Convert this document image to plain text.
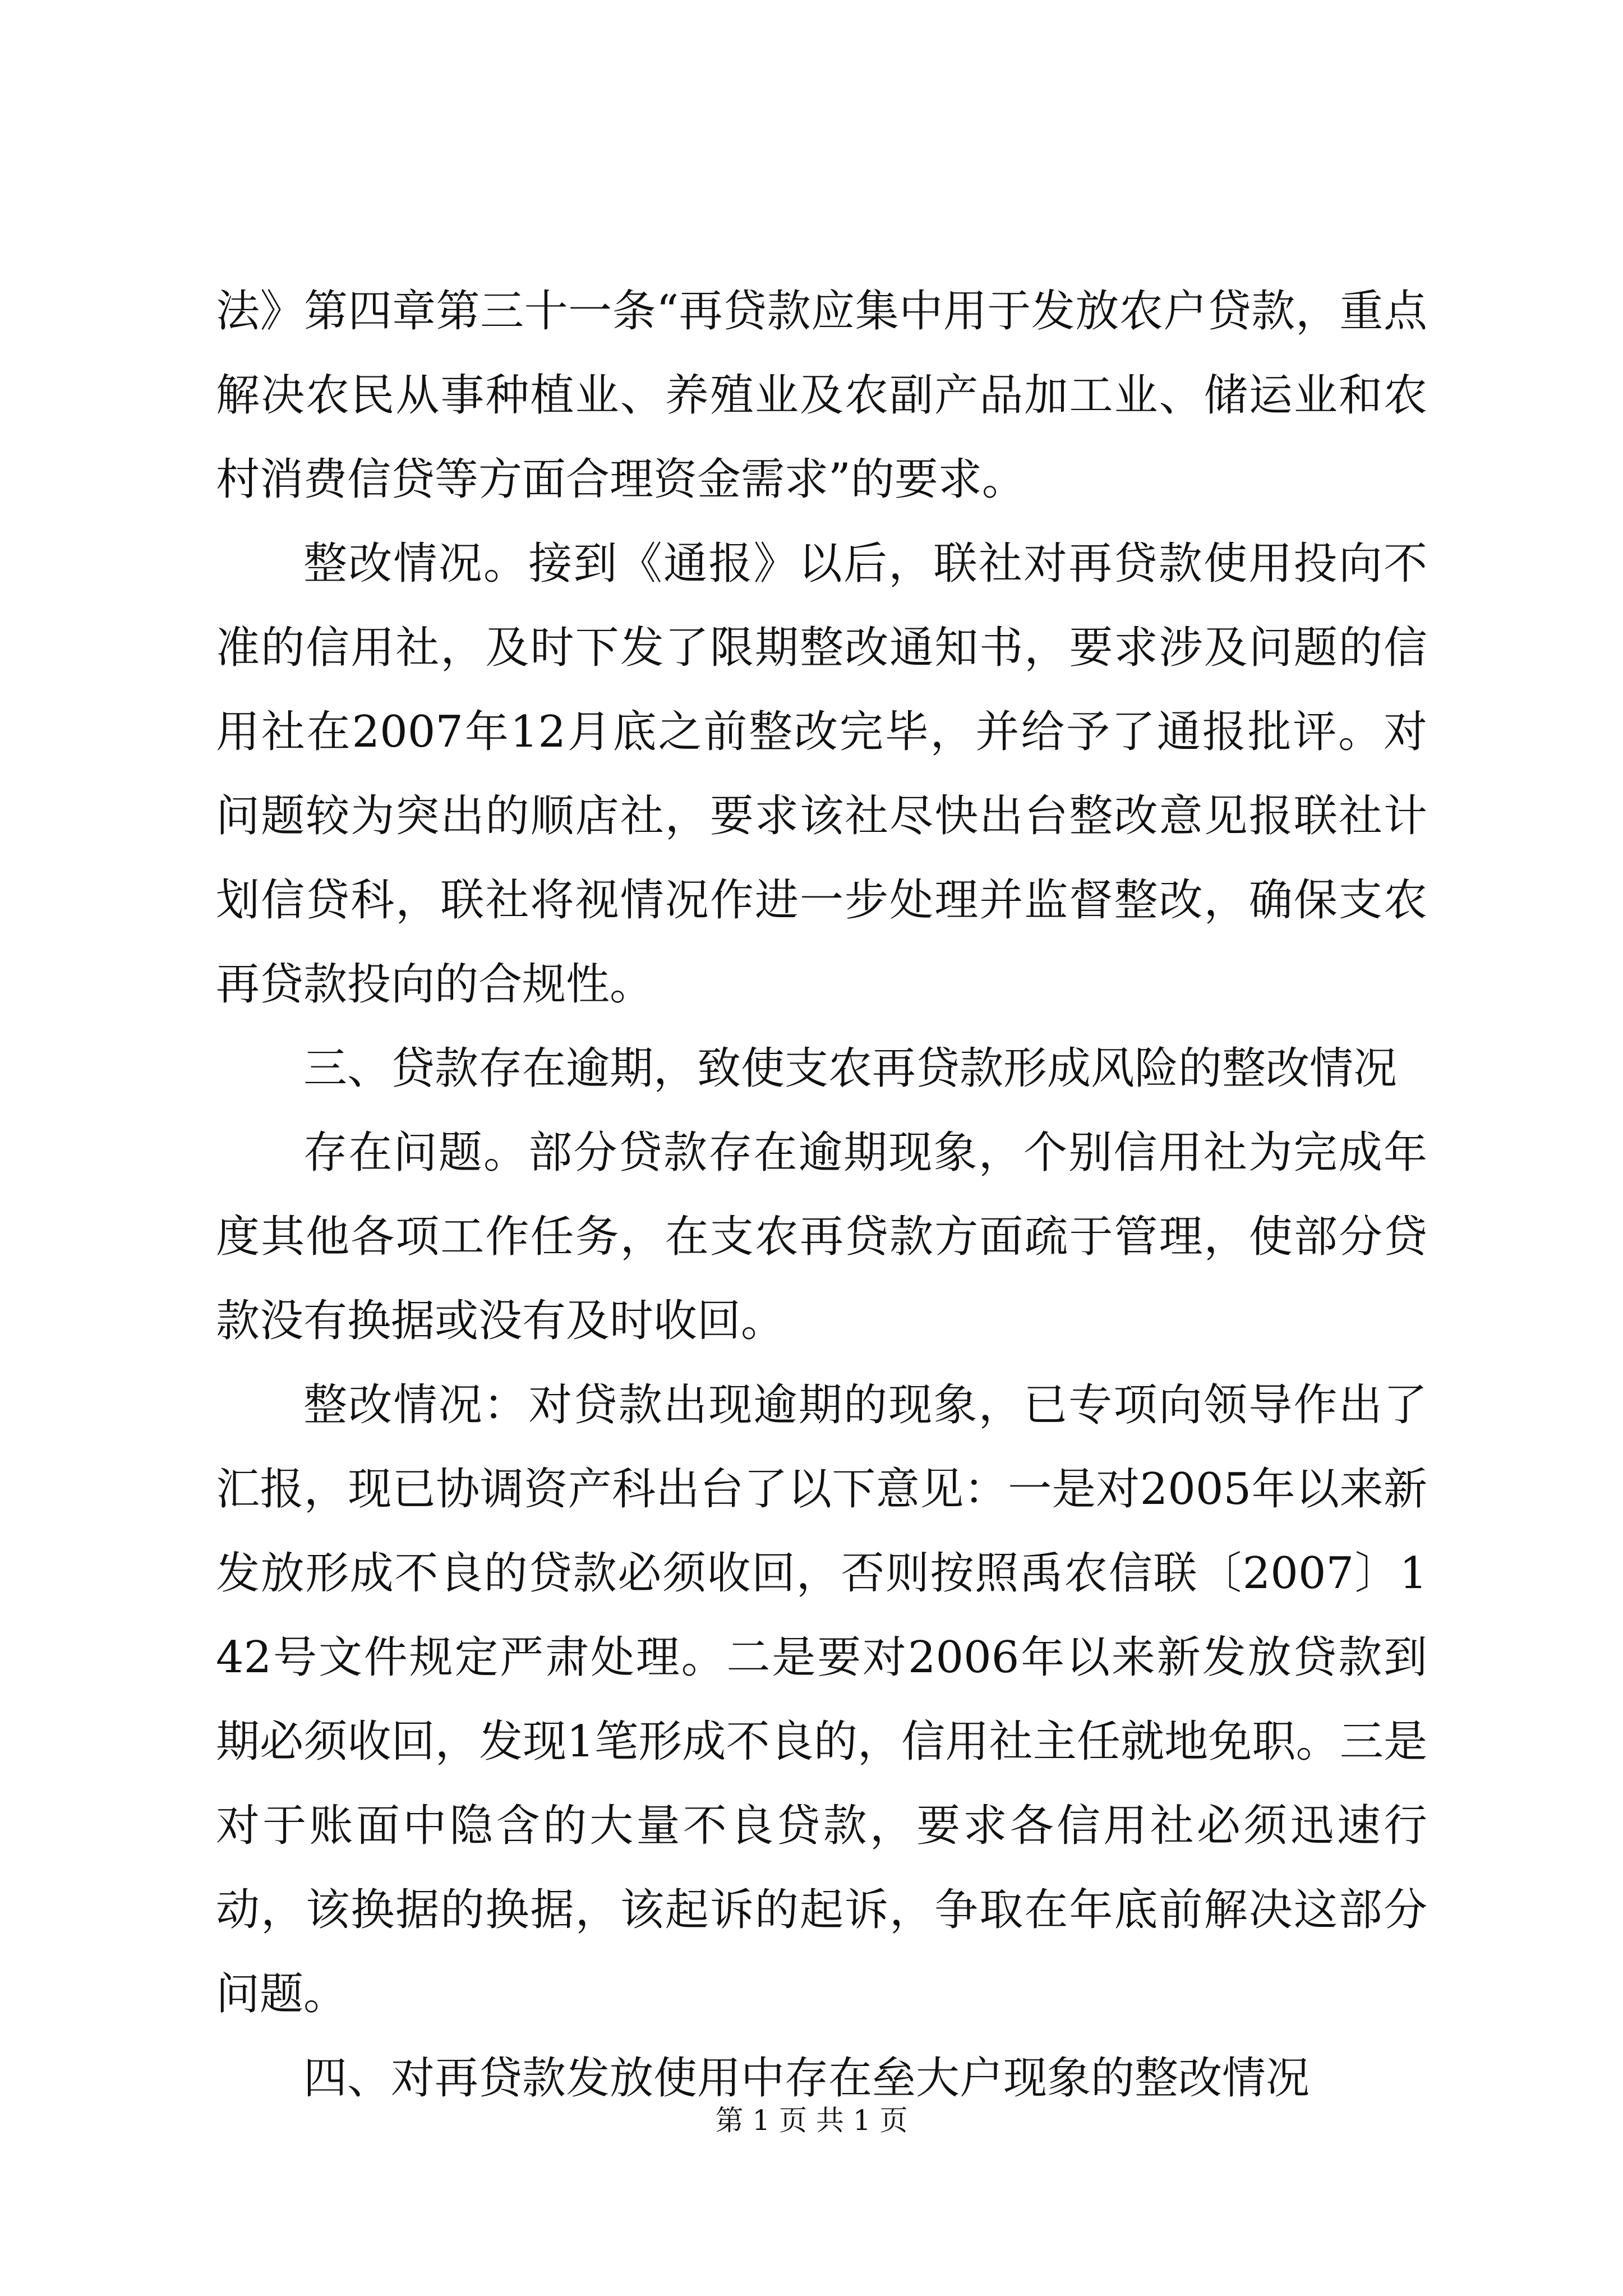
法》第四章第三十一条“再贷款应集中用于发放农户贷款，重点解决农民从事种植业、养殖业及农副产品加工业、储运业和农村消费信贷等方面合理资金需求”的要求。

整改情况。接到《通报》以后，联社对再贷款使用投向不准的信用社，及时下发了限期整改通知书，要求涉及问题的信用社在2007年12月底之前整改完毕，并给予了通报批评。对问题较为突出的顺店社，要求该社尽快出台整改意见报联社计划信贷科，联社将视情况作进一步处理并监督整改，确保支农再贷款投向的合规性。

三、贷款存在逾期，致使支农再贷款形成风险的整改情况

存在问题。部分贷款存在逾期现象，个别信用社为完成年度其他各项工作任务，在支农再贷款方面疏于管理，使部分贷款没有换据或没有及时收回。

整改情况：对贷款出现逾期的现象，已专项向领导作出了汇报，现已协调资产科出台了以下意见：一是对2005年以来新发放形成不良的贷款必须收回，否则按照禹农信联〔2007〕142号文件规定严肃处理。二是要对2006年以来新发放贷款到期必须收回，发现1笔形成不良的，信用社主任就地免职。三是对于账面中隐含的大量不良贷款，要求各信用社必须迅速行动，该换据的换据，该起诉的起诉，争取在年底前解决这部分问题。

四、对再贷款发放使用中存在垒大户现象的整改情况

第 1 页 共 1 页
